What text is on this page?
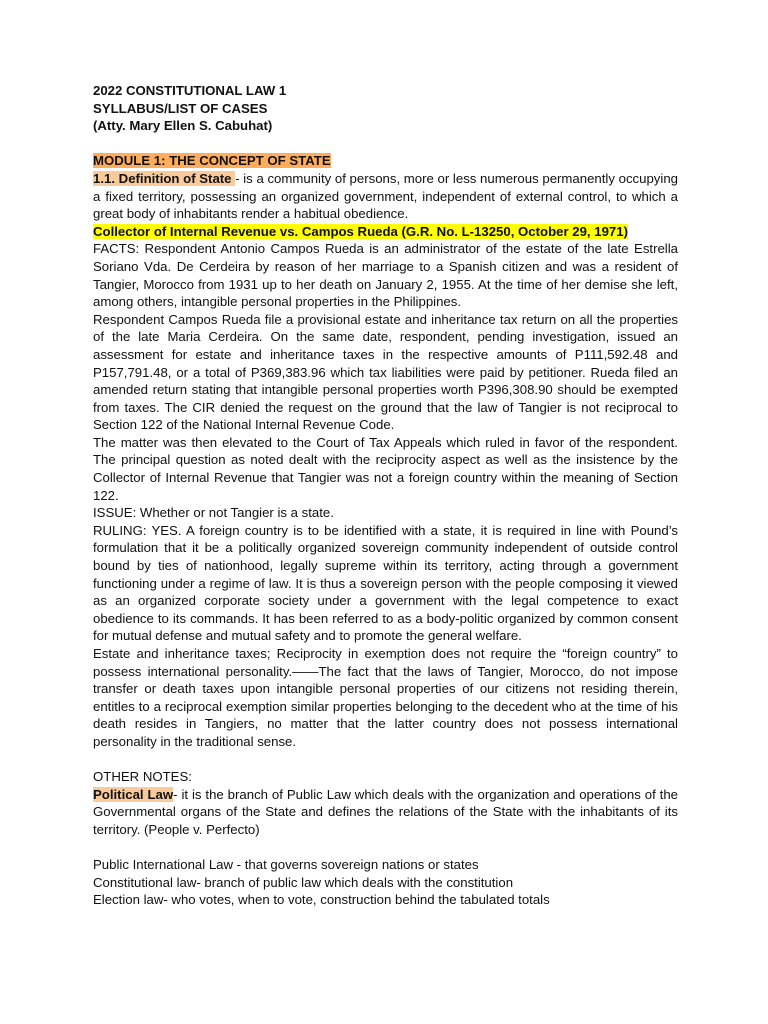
2022 CONSTITUTIONAL LAW 1
SYLLABUS/LIST OF CASES
(Atty. Mary Ellen S. Cabuhat)
MODULE 1: THE CONCEPT OF STATE

1.1. Definition of State - is a community of persons, more or less numerous permanently occupying a fixed territory, possessing an organized government, independent of external control, to which a great body of inhabitants render a habitual obedience.

Collector of Internal Revenue vs. Campos Rueda (G.R. No. L-13250, October 29, 1971)

FACTS: Respondent Antonio Campos Rueda is an administrator of the estate of the late Estrella Soriano Vda. De Cerdeira by reason of her marriage to a Spanish citizen and was a resident of Tangier, Morocco from 1931 up to her death on January 2, 1955. At the time of her demise she left, among others, intangible personal properties in the Philippines.

Respondent Campos Rueda file a provisional estate and inheritance tax return on all the properties of the late Maria Cerdeira. On the same date, respondent, pending investigation, issued an assessment for estate and inheritance taxes in the respective amounts of P111,592.48 and P157,791.48, or a total of P369,383.96 which tax liabilities were paid by petitioner. Rueda filed an amended return stating that intangible personal properties worth P396,308.90 should be exempted from taxes. The CIR denied the request on the ground that the law of Tangier is not reciprocal to Section 122 of the National Internal Revenue Code.

The matter was then elevated to the Court of Tax Appeals which ruled in favor of the respondent. The principal question as noted dealt with the reciprocity aspect as well as the insistence by the Collector of Internal Revenue that Tangier was not a foreign country within the meaning of Section 122.

ISSUE: Whether or not Tangier is a state.

RULING: YES. A foreign country is to be identified with a state, it is required in line with Pound’s formulation that it be a politically organized sovereign community independent of outside control bound by ties of nationhood, legally supreme within its territory, acting through a government functioning under a regime of law. It is thus a sovereign person with the people composing it viewed as an organized corporate society under a government with the legal competence to exact obedience to its commands. It has been referred to as a body-politic organized by common consent for mutual defense and mutual safety and to promote the general welfare.

Estate and inheritance taxes; Reciprocity in exemption does not require the “foreign country” to possess international personality.——The fact that the laws of Tangier, Morocco, do not impose transfer or death taxes upon intangible personal properties of our citizens not residing therein, entitles to a reciprocal exemption similar properties belonging to the decedent who at the time of his death resides in Tangiers, no matter that the latter country does not possess international personality in the traditional sense.

OTHER NOTES:

Political Law- it is the branch of Public Law which deals with the organization and operations of the Governmental organs of the State and defines the relations of the State with the inhabitants of its territory. (People v. Perfecto)

Public International Law - that governs sovereign nations or states
Constitutional law- branch of public law which deals with the constitution
Election law- who votes, when to vote, construction behind the tabulated totals
